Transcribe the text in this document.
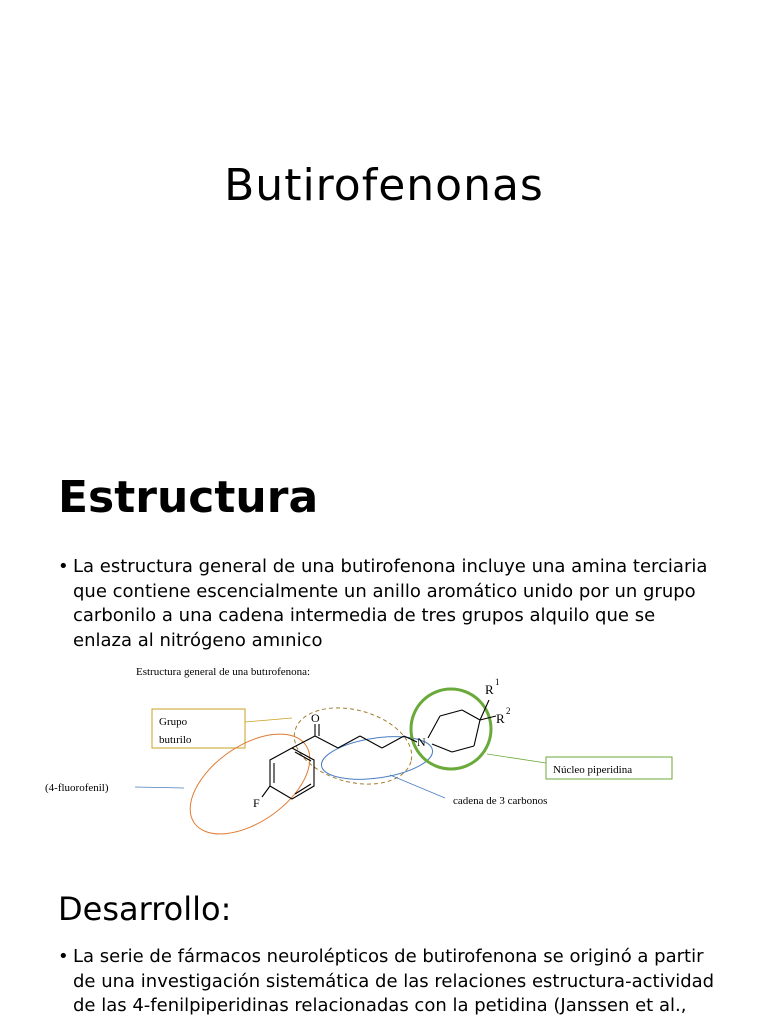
Butirofenonas
Estructura
• La estructura general de una butirofenona incluye una amina terciaria que contiene escencialmente un anillo aromático unido por un grupo carbonilo a una cadena intermedia de tres grupos alquilo que se enlaza al nitrógeno amınico
Estructura general de una butırofenona:
Grupo
butırilo
(4-fluorofenil)
F
O
N
R 1
R 2
Núcleo piperidina
cadena de 3 carbonos
Desarrollo:
• La serie de fármacos neurolépticos de butirofenona se originó a partir de una investigación sistemática de las relaciones estructura-actividad de las 4-fenilpiperidinas relacionadas con la petidina (Janssen et al.,
